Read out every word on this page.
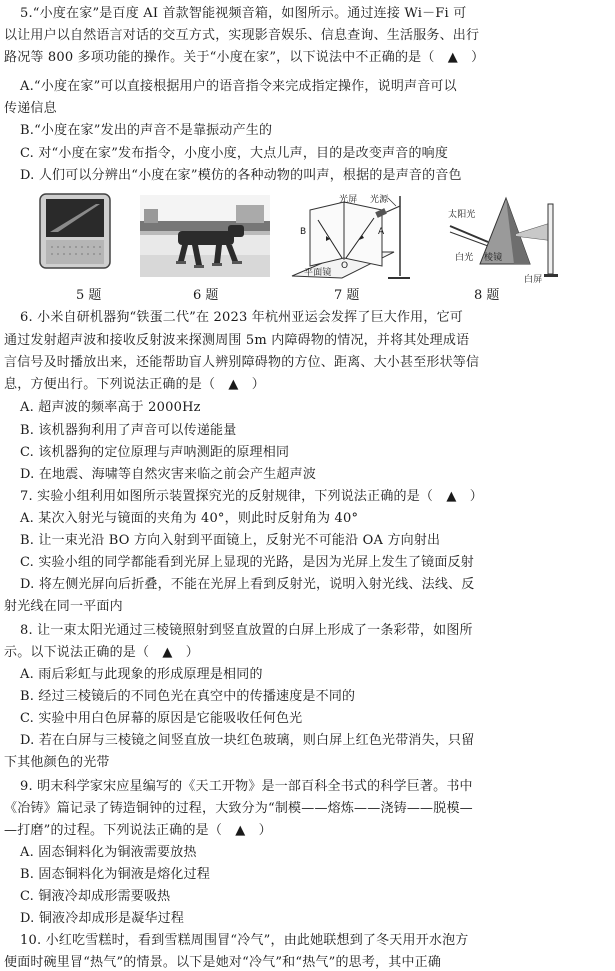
5.“小度在家”是百度 AI 首款智能视频音箱，如图所示。通过连接 Wi－Fi 可
以让用户以自然语言对话的交互方式，实现影音娱乐、信息查询、生活服务、出行
路况等 800 多项功能的操作。关于“小度在家”，以下说法中不正确的是（　▲　）
A.“小度在家”可以直接根据用户的语音指令来完成指定操作，说明声音可以
传递信息
B.“小度在家”发出的声音不是靠振动产生的
C. 对“小度在家”发布指令，小度小度，大点儿声，目的是改变声音的响度
D. 人们可以分辨出“小度在家”模仿的各种动物的叫声，根据的是声音的音色
光屏 光源
B	A
O
平面镜
太阳光
白光 棱镜
白屏
5 题	6 题	7 题	8 题
6. 小米自研机器狗“铁蛋二代”在 2023 年杭州亚运会发挥了巨大作用，它可
通过发射超声波和接收反射波来探测周围 5m 内障碍物的情况，并将其处理成语
言信号及时播放出来，还能帮助盲人辨别障碍物的方位、距离、大小甚至形状等信
息，方便出行。下列说法正确的是（　▲　）
A. 超声波的频率高于 2000Hz
B. 该机器狗利用了声音可以传递能量
C. 该机器狗的定位原理与声呐测距的原理相同
D. 在地震、海啸等自然灾害来临之前会产生超声波
7. 实验小组利用如图所示装置探究光的反射规律，下列说法正确的是（　▲　）
A. 某次入射光与镜面的夹角为 40°，则此时反射角为 40°
B. 让一束光沿 BO 方向入射到平面镜上，反射光不可能沿 OA 方向射出
C. 实验小组的同学都能看到光屏上显现的光路，是因为光屏上发生了镜面反射
D. 将左侧光屏向后折叠，不能在光屏上看到反射光，说明入射光线、法线、反
射光线在同一平面内
8. 让一束太阳光通过三棱镜照射到竖直放置的白屏上形成了一条彩带，如图所
示。以下说法正确的是（　▲　）
A. 雨后彩虹与此现象的形成原理是相同的
B. 经过三棱镜后的不同色光在真空中的传播速度是不同的
C. 实验中用白色屏幕的原因是它能吸收任何色光
D. 若在白屏与三棱镜之间竖直放一块红色玻璃，则白屏上红色光带消失，只留
下其他颜色的光带
9. 明末科学家宋应星编写的《天工开物》是一部百科全书式的科学巨著。书中
《冶铸》篇记录了铸造铜钟的过程，大致分为“制模——熔炼——浇铸——脱模—
—打磨”的过程。下列说法正确的是（　▲　）
A. 固态铜料化为铜液需要放热
B. 固态铜料化为铜液是熔化过程
C. 铜液冷却成形需要吸热
D. 铜液冷却成形是凝华过程
10. 小红吃雪糕时，看到雪糕周围冒“冷气”，由此她联想到了冬天用开水泡方
便面时碗里冒“热气”的情景。以下是她对“冷气”和“热气”的思考，其中正确
